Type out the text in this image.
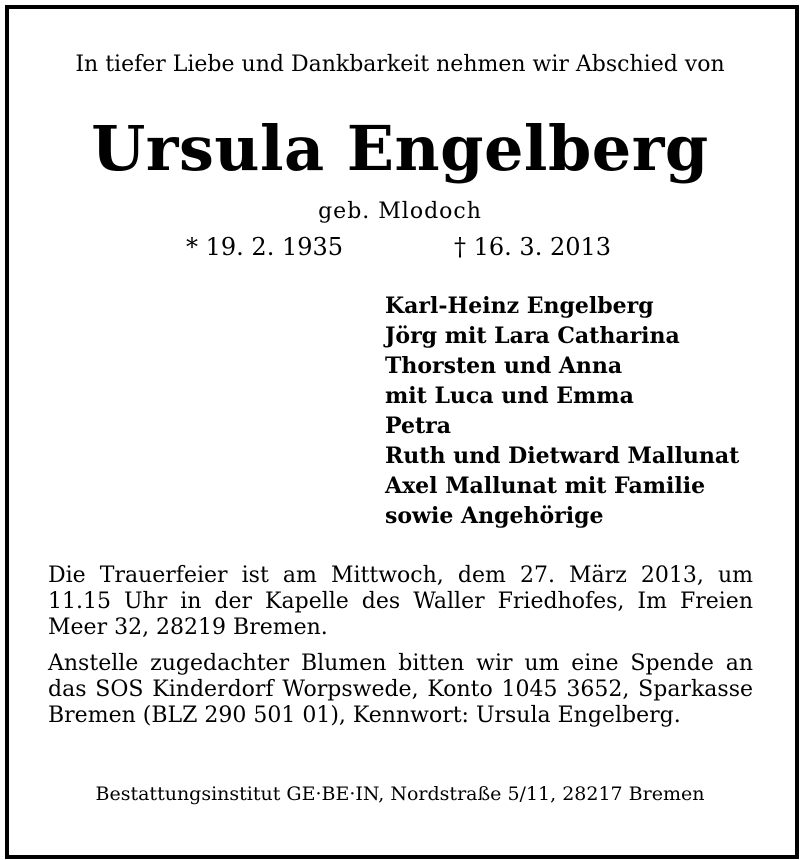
In tiefer Liebe und Dankbarkeit nehmen wir Abschied von
Ursula Engelberg
geb. Mlodoch
* 19. 2. 1935	† 16. 3. 2013
Karl-Heinz Engelberg
Jörg mit Lara Catharina
Thorsten und Anna
mit Luca und Emma
Petra
Ruth und Dietward Mallunat
Axel Mallunat mit Familie
sowie Angehörige

Die Trauerfeier ist am Mittwoch, dem 27. März 2013, um 11.15 Uhr in der Kapelle des Waller Friedhofes, Im Freien Meer 32, 28219 Bremen.

Anstelle zugedachter Blumen bitten wir um eine Spende an das SOS Kinderdorf Worpswede, Konto 1045 3652, Sparkasse Bremen (BLZ 290 501 01), Kennwort: Ursula Engelberg.

Bestattungsinstitut GE·BE·IN, Nordstraße 5/11, 28217 Bremen
